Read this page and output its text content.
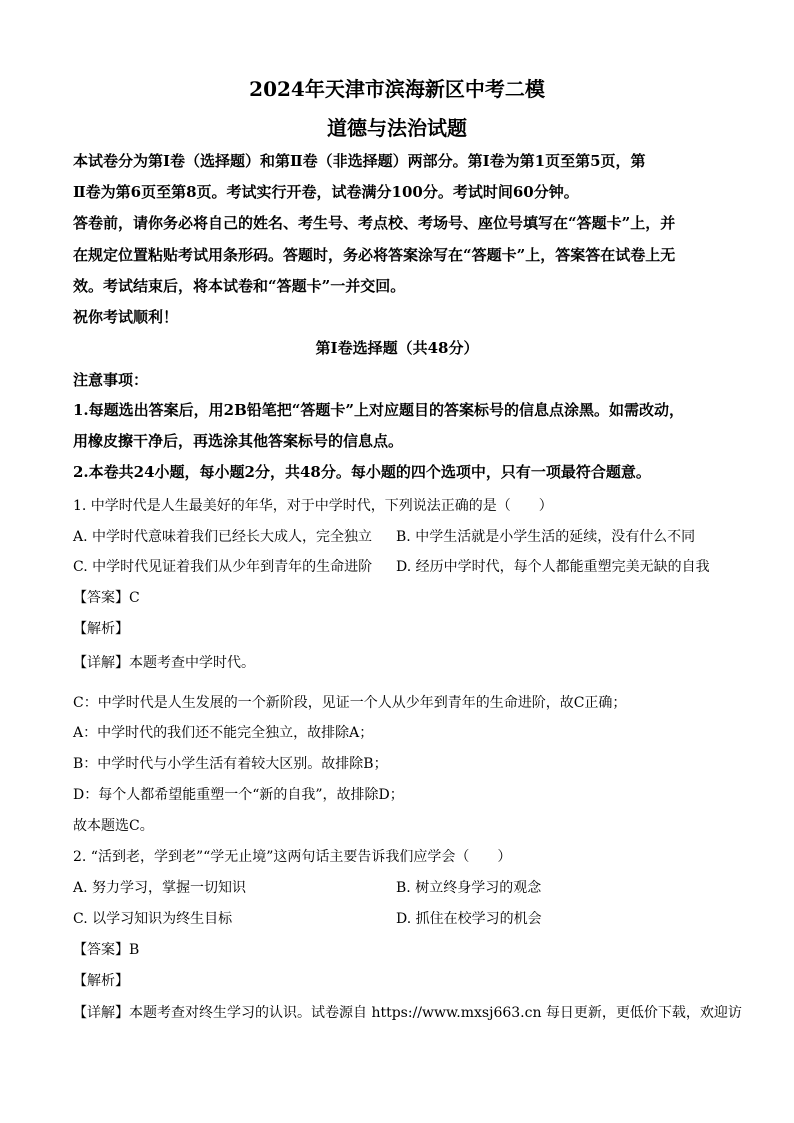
2024年天津市滨海新区中考二模
道德与法治试题
本试卷分为第Ⅰ卷（选择题）和第Ⅱ卷（非选择题）两部分。第Ⅰ卷为第1页至第5页，第
Ⅱ卷为第6页至第8页。考试实行开卷，试卷满分100分。考试时间60分钟。
答卷前，请你务必将自己的姓名、考生号、考点校、考场号、座位号填写在“答题卡”上，并
在规定位置粘贴考试用条形码。答题时，务必将答案涂写在“答题卡”上，答案答在试卷上无
效。考试结束后，将本试卷和“答题卡”一并交回。
祝你考试顺利！
第Ⅰ卷选择题（共48分）
注意事项：
1.每题选出答案后，用2B铅笔把“答题卡”上对应题目的答案标号的信息点涂黑。如需改动，
用橡皮擦干净后，再选涂其他答案标号的信息点。
2.本卷共24小题，每小题2分，共48分。每小题的四个选项中，只有一项最符合题意。
1. 中学时代是人生最美好的年华，对于中学时代，下列说法正确的是（　　）
A. 中学时代意味着我们已经长大成人，完全独立 B. 中学生活就是小学生活的延续，没有什么不同
C. 中学时代见证着我们从少年到青年的生命进阶 D. 经历中学时代，每个人都能重塑完美无缺的自我
【答案】C
【解析】
【详解】本题考查中学时代。
C：中学时代是人生发展的一个新阶段，见证一个人从少年到青年的生命进阶，故C正确；
A：中学时代的我们还不能完全独立，故排除A；
B：中学时代与小学生活有着较大区别。故排除B；
D：每个人都希望能重塑一个“新的自我”，故排除D；
故本题选C。
2. “活到老，学到老”“学无止境”这两句话主要告诉我们应学会（　　）
A. 努力学习，掌握一切知识	B. 树立终身学习的观念
C. 以学习知识为终生目标	D. 抓住在校学习的机会
【答案】B
【解析】
【详解】本题考查对终生学习的认识。试卷源自 https://www.mxsj663.cn 每日更新，更低价下载，欢迎访
